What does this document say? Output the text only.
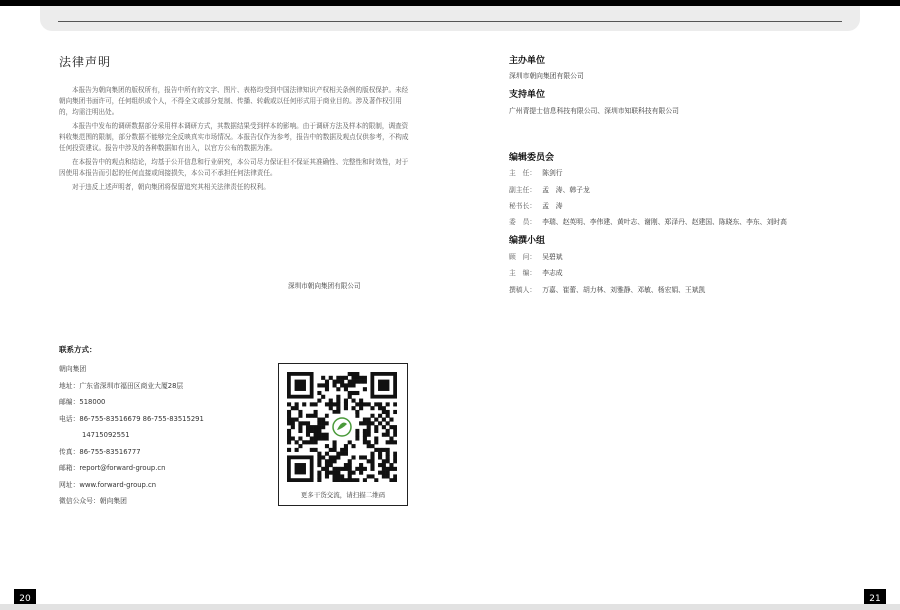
法律声明

本报告为朝向集团的版权所有，报告中所有的文字、图片、表格均受到中国法律知识产权相关条例的版权保护。未经朝向集团书面许可，任何组织或个人，不得全文或部分复制、传播、转载或以任何形式用于商业目的。涉及著作权引用的，均需注明出处。

本报告中发布的调研数据部分采用样本调研方式，其数据结果受到样本的影响。由于调研方法及样本的限制，调查资料收集范围的限制，部分数据不能够完全反映真实市场情况。本报告仅作为参考，报告中的数据及观点仅供参考，不构成任何投资建议。报告中涉及的各种数据如有出入，以官方公布的数据为准。

在本报告中的观点和结论，均基于公开信息和行业研究，本公司尽力保证但不保证其准确性、完整性和时效性，对于因使用本报告而引起的任何直接或间接损失，本公司不承担任何法律责任。

对于违反上述声明者，朝向集团将保留追究其相关法律责任的权利。

深圳市朝向集团有限公司
联系方式：
朝向集团
地址：广东省深圳市福田区商业大厦28层
邮编：518000
电话：86-755-83516679 86-755-83515291
14715092551
传真：86-755-83516777
邮箱：report@forward-group.cn
网址：www.forward-group.cn
微信公众号：朝向集团
更多干货交流，请扫描二维码
20
主办单位
深圳市朝向集团有限公司
支持单位
广州青提士信息科技有限公司、深圳市知联科技有限公司
编辑委员会
主　任： 陈剑行
副主任： 孟　涛、韩子龙
秘书长： 孟　涛
委　员： 李瑞、赵英明、李伟建、黄叶志、谢刚、郑泽丹、赵建国、陈晓东、李东、刘时高
编撰小组
顾　问： 吴碧斌
主　编： 李志成
撰稿人： 万嘉、崔蕾、胡力林、刘雅静、邓敏、杨宏娟、王斌凯
21
